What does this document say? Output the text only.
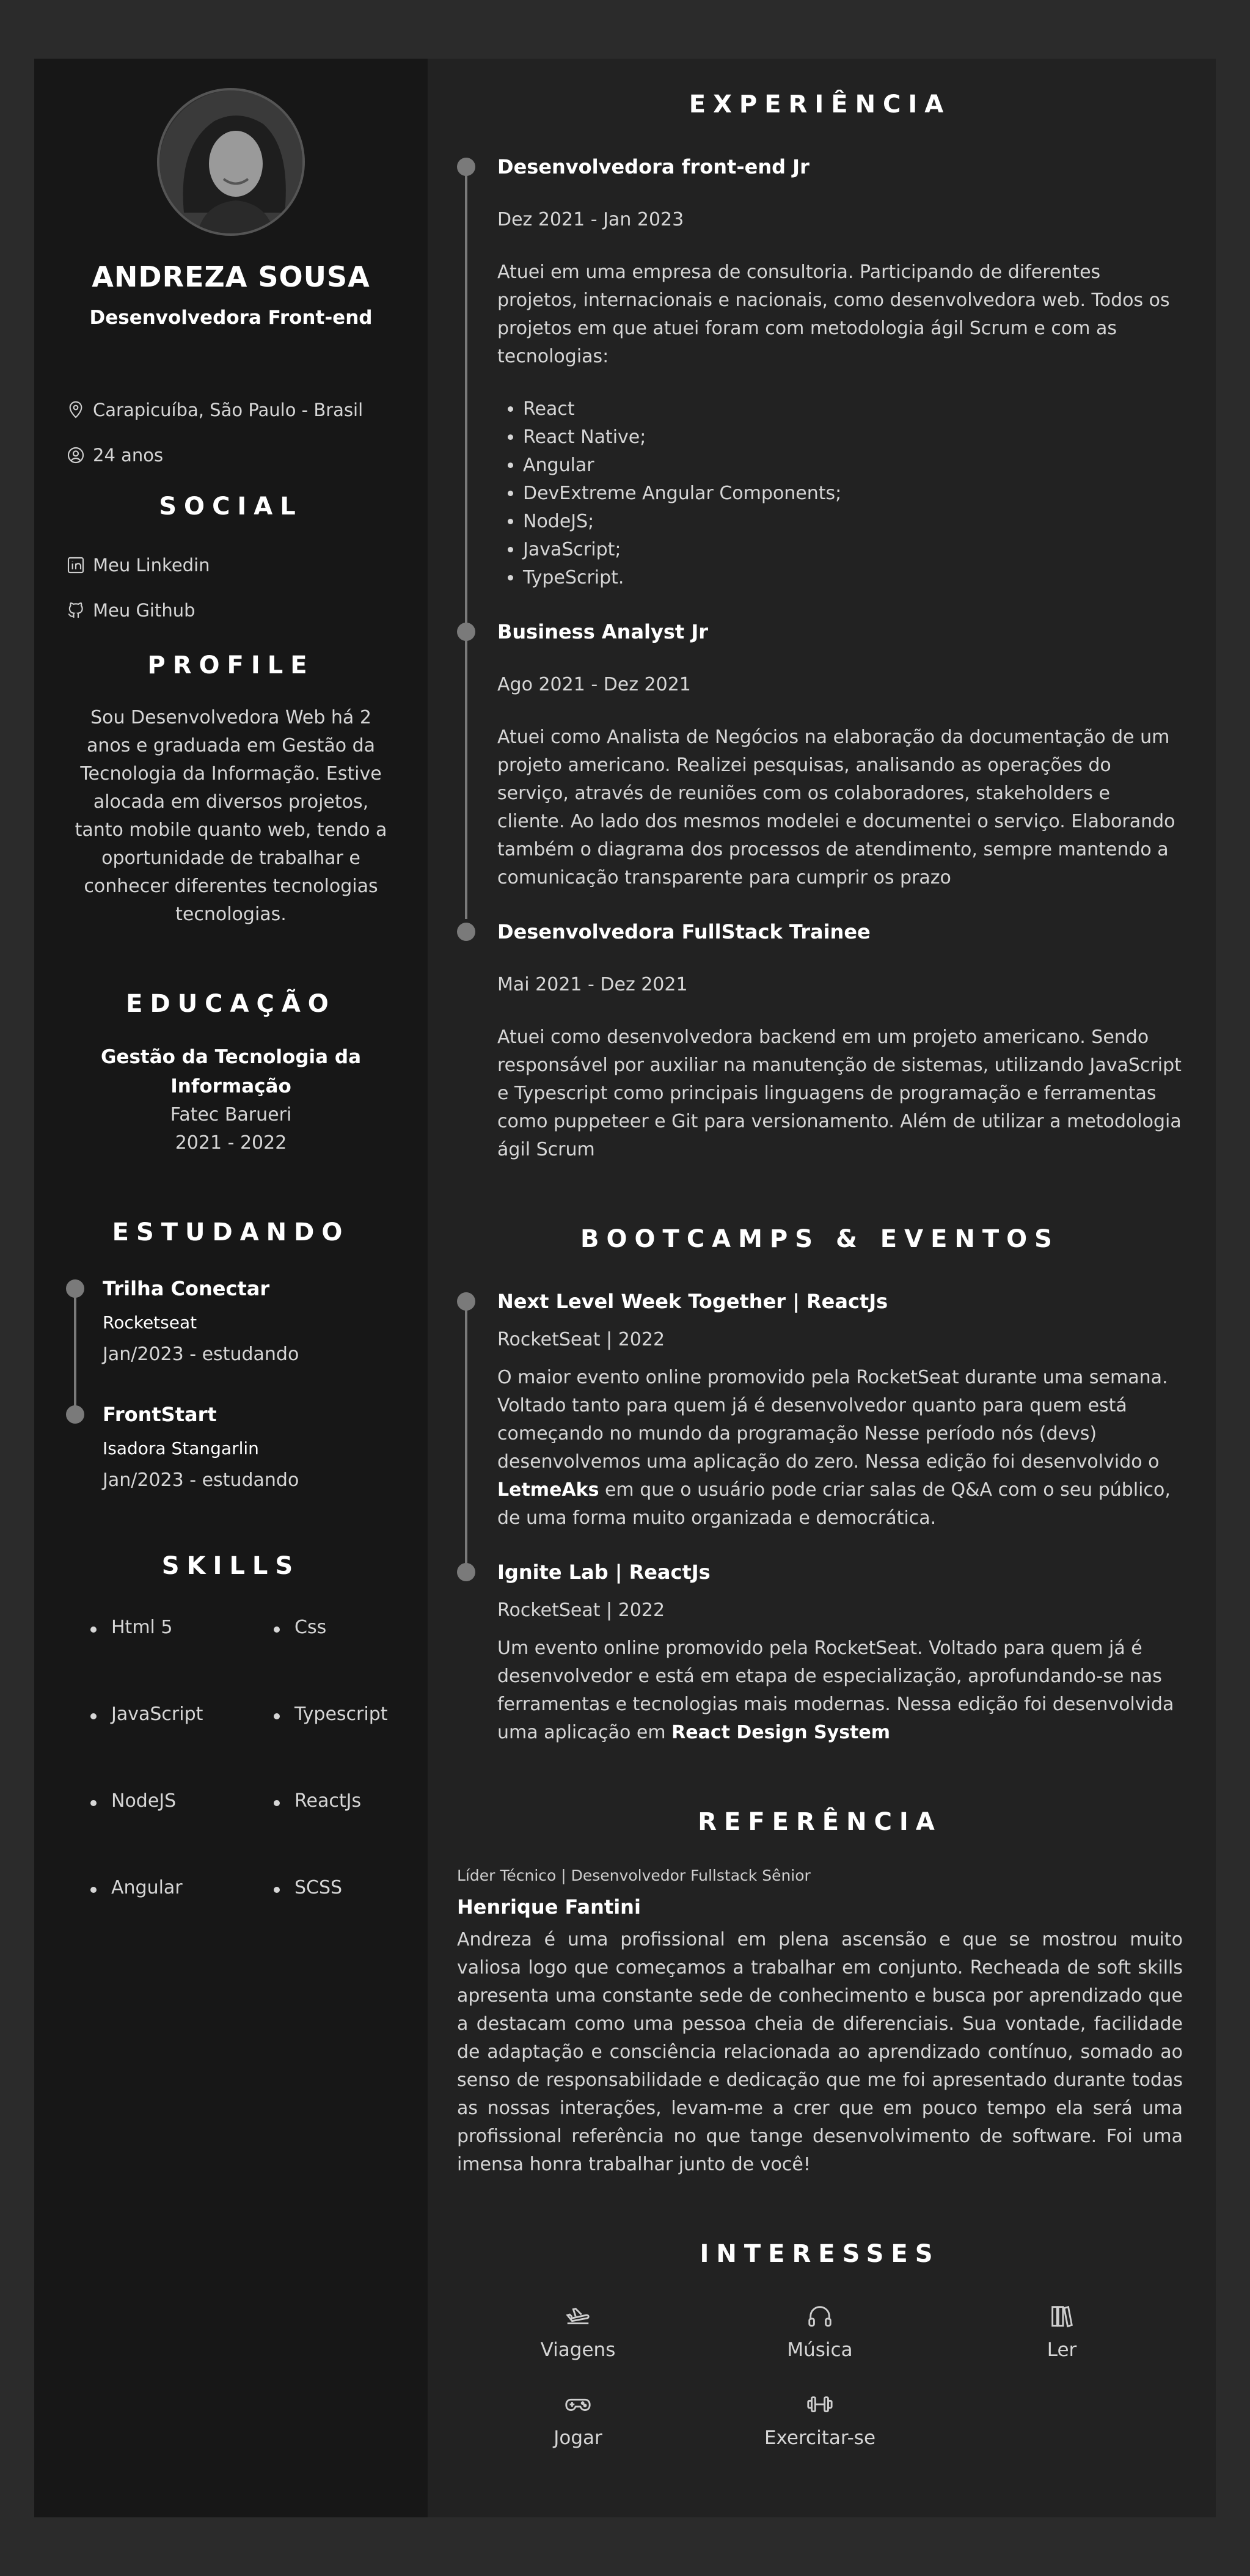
ANDREZA SOUSA
Desenvolvedora Front-end
Carapicuíba, São Paulo - Brasil
24 anos
SOCIAL
Meu Linkedin
Meu Github
PROFILE
Sou Desenvolvedora Web há 2 anos e graduada em Gestão da Tecnologia da Informação. Estive alocada em diversos projetos, tanto mobile quanto web, tendo a oportunidade de trabalhar e conhecer diferentes tecnologias tecnologias.
EDUCAÇÃO
Gestão da Tecnologia da
Informação
Fatec Barueri
2021 - 2022
ESTUDANDO
Trilha Conectar
Rocketseat
Jan/2023 - estudando
FrontStart
Isadora Stangarlin
Jan/2023 - estudando
SKILLS
Html 5	Css
JavaScript	Typescript
NodeJS	ReactJs
Angular	SCSS
EXPERIÊNCIA
Desenvolvedora front-end Jr
Dez 2021 - Jan 2023
Atuei em uma empresa de consultoria. Participando de diferentes projetos, internacionais e nacionais, como desenvolvedora web. Todos os projetos em que atuei foram com metodologia ágil Scrum e com as tecnologias:
• React
• React Native;
• Angular
• DevExtreme Angular Components;
• NodeJS;
• JavaScript;
• TypeScript.
Business Analyst Jr
Ago 2021 - Dez 2021
Atuei como Analista de Negócios na elaboração da documentação de um projeto americano. Realizei pesquisas, analisando as operações do serviço, através de reuniões com os colaboradores, stakeholders e cliente. Ao lado dos mesmos modelei e documentei o serviço. Elaborando também o diagrama dos processos de atendimento, sempre mantendo a comunicação transparente para cumprir os prazo
Desenvolvedora FullStack Trainee
Mai 2021 - Dez 2021
Atuei como desenvolvedora backend em um projeto americano. Sendo responsável por auxiliar na manutenção de sistemas, utilizando JavaScript e Typescript como principais linguagens de programação e ferramentas como puppeteer e Git para versionamento. Além de utilizar a metodologia ágil Scrum
BOOTCAMPS & EVENTOS
Next Level Week Together | ReactJs
RocketSeat | 2022
O maior evento online promovido pela RocketSeat durante uma semana. Voltado tanto para quem já é desenvolvedor quanto para quem está começando no mundo da programação Nesse período nós (devs) desenvolvemos uma aplicação do zero. Nessa edição foi desenvolvido o LetmeAks em que o usuário pode criar salas de Q&A com o seu público, de uma forma muito organizada e democrática.
Ignite Lab | ReactJs
RocketSeat | 2022
Um evento online promovido pela RocketSeat. Voltado para quem já é desenvolvedor e está em etapa de especialização, aprofundando-se nas ferramentas e tecnologias mais modernas. Nessa edição foi desenvolvida uma aplicação em React Design System
REFERÊNCIA
Líder Técnico | Desenvolvedor Fullstack Sênior
Henrique Fantini
Andreza é uma profissional em plena ascensão e que se mostrou muito valiosa logo que começamos a trabalhar em conjunto. Recheada de soft skills apresenta uma constante sede de conhecimento e busca por aprendizado que a destacam como uma pessoa cheia de diferenciais. Sua vontade, facilidade de adaptação e consciência relacionada ao aprendizado contínuo, somado ao senso de responsabilidade e dedicação que me foi apresentado durante todas as nossas interações, levam-me a crer que em pouco tempo ela será uma profissional referência no que tange desenvolvimento de software. Foi uma imensa honra trabalhar junto de você!
INTERESSES
Viagens	Música	Ler
Jogar	Exercitar-se
